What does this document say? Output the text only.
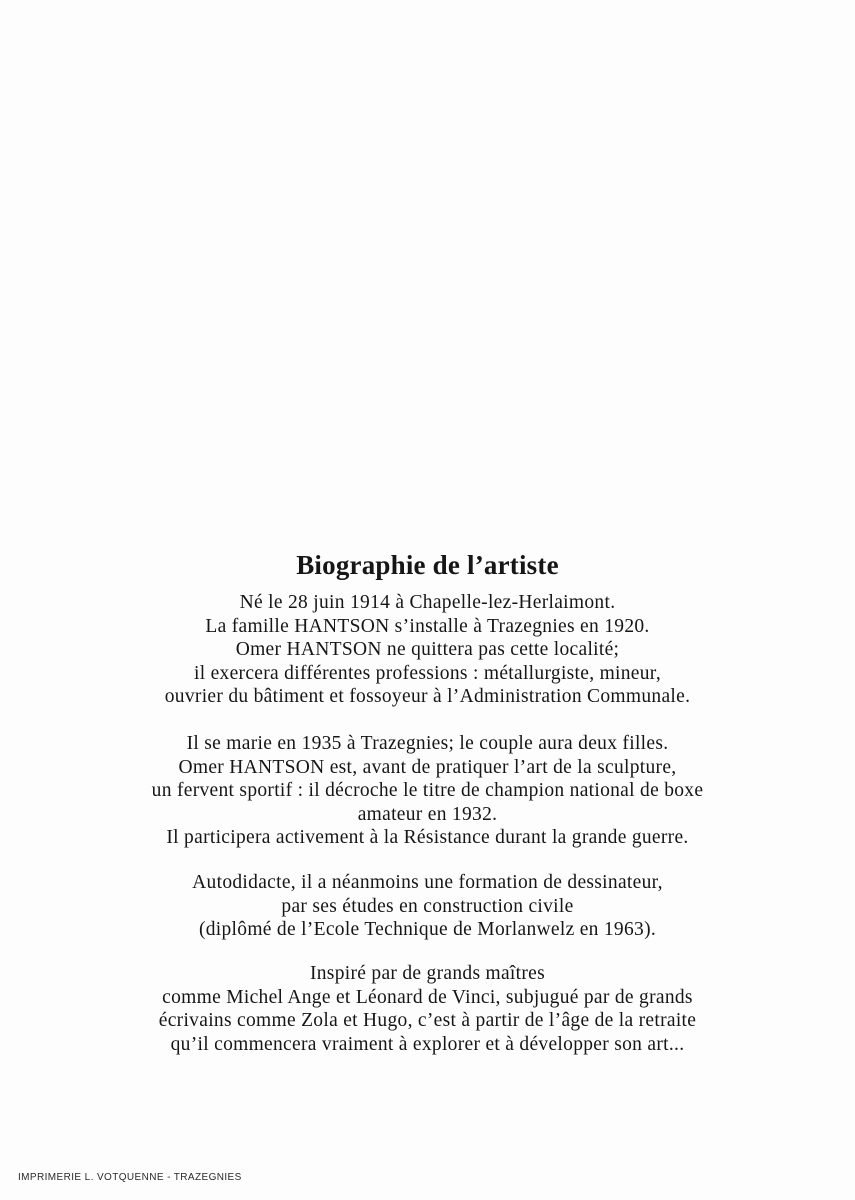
Biographie de l’artiste
Né le 28 juin 1914 à Chapelle-lez-Herlaimont.
La famille HANTSON s’installe à Trazegnies en 1920.
Omer HANTSON ne quittera pas cette localité;
il exercera différentes professions : métallurgiste, mineur,
ouvrier du bâtiment et fossoyeur à l’Administration Communale.
Il se marie en 1935 à Trazegnies; le couple aura deux filles.
Omer HANTSON est, avant de pratiquer l’art de la sculpture,
un fervent sportif : il décroche le titre de champion national de boxe
amateur en 1932.
Il participera activement à la Résistance durant la grande guerre.
Autodidacte, il a néanmoins une formation de dessinateur,
par ses études en construction civile
(diplômé de l’Ecole Technique de Morlanwelz en 1963).
Inspiré par de grands maîtres
comme Michel Ange et Léonard de Vinci, subjugué par de grands
écrivains comme Zola et Hugo, c’est à partir de l’âge de la retraite
qu’il commencera vraiment à explorer et à développer son art...
IMPRIMERIE L. VOTQUENNE - TRAZEGNIES
